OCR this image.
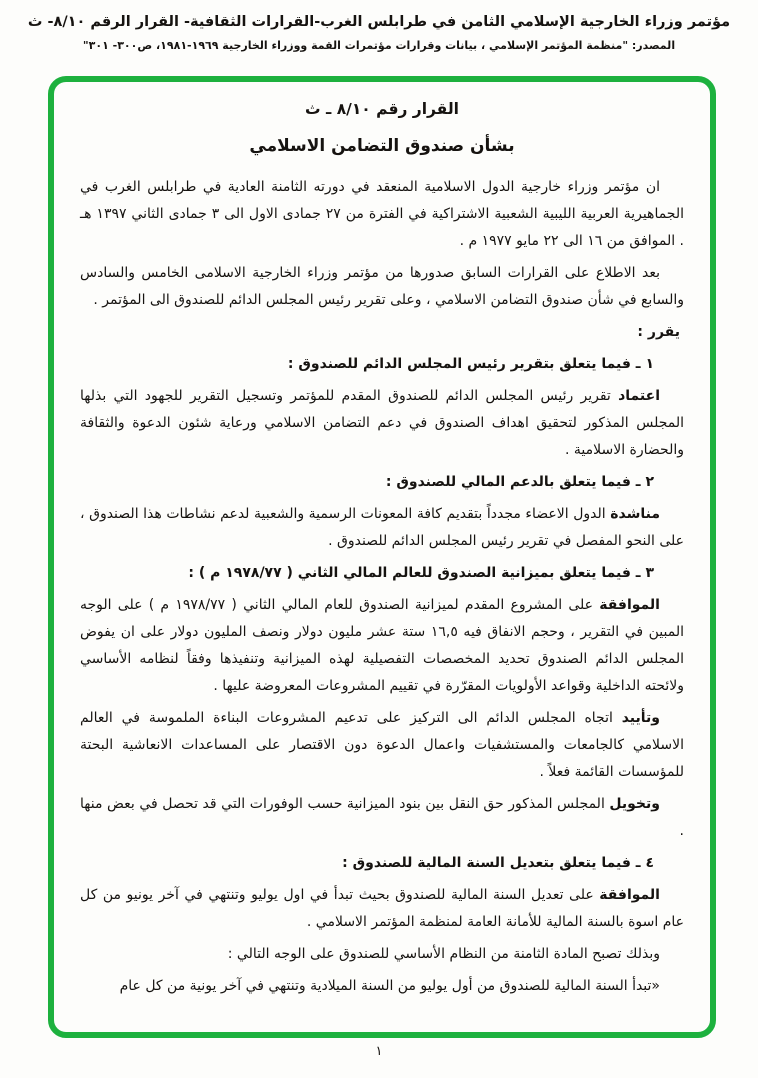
مؤتمر وزراء الخارجية الإسلامي الثامن في طرابلس الغرب-القرارات الثقافية- القرار الرقم ٨/١٠- ث
المصدر: "منظمة المؤتمر الإسلامي ، بيانات وقرارات مؤتمرات القمة ووزراء الخارجية ١٩٦٩-١٩٨١، ص٣٠٠- ٣٠١"
القرار رقم ٨/١٠ ـ ث
بشأن صندوق التضامن الاسلامي

ان مؤتمر وزراء خارجية الدول الاسلامية المنعقد في دورته الثامنة العادية في طرابلس الغرب في الجماهيرية العربية الليبية الشعبية الاشتراكية في الفترة من ٢٧ جمادى الاول الى ٣ جمادى الثاني ١٣٩٧ هـ . الموافق من ١٦ الى ٢٢ مايو ١٩٧٧ م .

بعد الاطلاع على القرارات السابق صدورها من مؤتمر وزراء الخارجية الاسلامى الخامس والسادس والسابع في شأن صندوق التضامن الاسلامي ، وعلى تقرير رئيس المجلس الدائم للصندوق الى المؤتمر .

يقرر :

١ ـ فيما يتعلق بتقرير رئيس المجلس الدائم للصندوق :

اعتماد تقرير رئيس المجلس الدائم للصندوق المقدم للمؤتمر وتسجيل التقرير للجهود التي بذلها المجلس المذكور لتحقيق اهداف الصندوق في دعم التضامن الاسلامي ورعاية شئون الدعوة والثقافة والحضارة الاسلامية .

٢ ـ فيما يتعلق بالدعم المالي للصندوق :

مناشدة الدول الاعضاء مجدداً بتقديم كافة المعونات الرسمية والشعبية لدعم نشاطات هذا الصندوق ، على النحو المفصل في تقرير رئيس المجلس الدائم للصندوق .

٣ ـ فيما يتعلق بميزانية الصندوق للعالم المالي الثاني ( ١٩٧٨/٧٧ م ) :

الموافقة على المشروع المقدم لميزانية الصندوق للعام المالي الثاني ( ١٩٧٨/٧٧ م ) على الوجه المبين في التقرير ، وحجم الانفاق فيه ١٦,٥ ستة عشر مليون دولار ونصف المليون دولار على ان يفوض المجلس الدائم الصندوق تحديد المخصصات التفصيلية لهذه الميزانية وتنفيذها وفقاً لنظامه الأساسي ولائحته الداخلية وقواعد الأولويات المقرّرة في تقييم المشروعات المعروضة عليها .

وتأييد اتجاه المجلس الدائم الى التركيز على تدعيم المشروعات البناءة الملموسة في العالم الاسلامي كالجامعات والمستشفيات واعمال الدعوة دون الاقتصار على المساعدات الانعاشية البحتة للمؤسسات القائمة فعلاً .

وتخويل المجلس المذكور حق النقل بين بنود الميزانية حسب الوفورات التي قد تحصل في بعض منها .

٤ ـ فيما يتعلق بتعديل السنة المالية للصندوق :

الموافقة على تعديل السنة المالية للصندوق بحيث تبدأ في اول يوليو وتنتهي في آخر يونيو من كل عام اسوة بالسنة المالية للأمانة العامة لمنظمة المؤتمر الاسلامي .

وبذلك تصبح المادة الثامنة من النظام الأساسي للصندوق على الوجه التالي :

«تبدأ السنة المالية للصندوق من أول يوليو من السنة الميلادية وتنتهي في آخر يونية من كل عام

١
